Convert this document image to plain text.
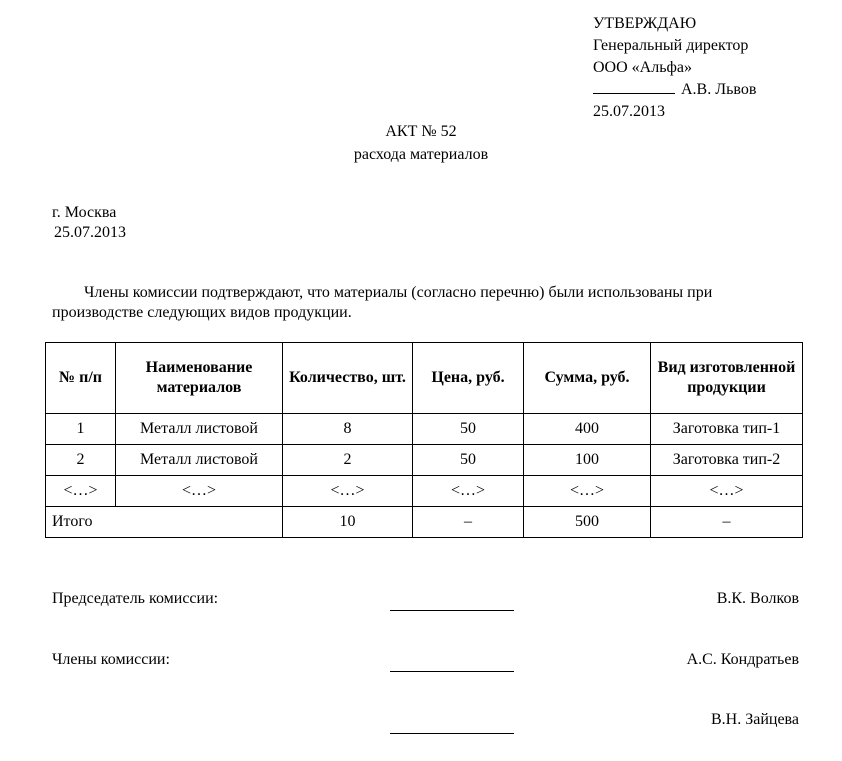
УТВЕРЖДАЮ
Генеральный директор
ООО «Альфа»
А.В. Львов
25.07.2013
АКТ № 52
расхода материалов
г. Москва
25.07.2013
Члены комиссии подтверждают, что материалы (согласно перечню) были использованы при
производстве следующих видов продукции.
№ п/п	Наименование материалов	Количество, шт.	Цена, руб.	Сумма, руб.	Вид изготовленной продукции
1	Металл листовой	8	50	400	Заготовка тип-1
2	Металл листовой	2	50	100	Заготовка тип-2
<…>	<…>	<…>	<…>	<…>	<…>
Итого		10	–	500	–
Председатель комиссии:	В.К. Волков
Члены комиссии:	А.С. Кондратьев
В.Н. Зайцева
